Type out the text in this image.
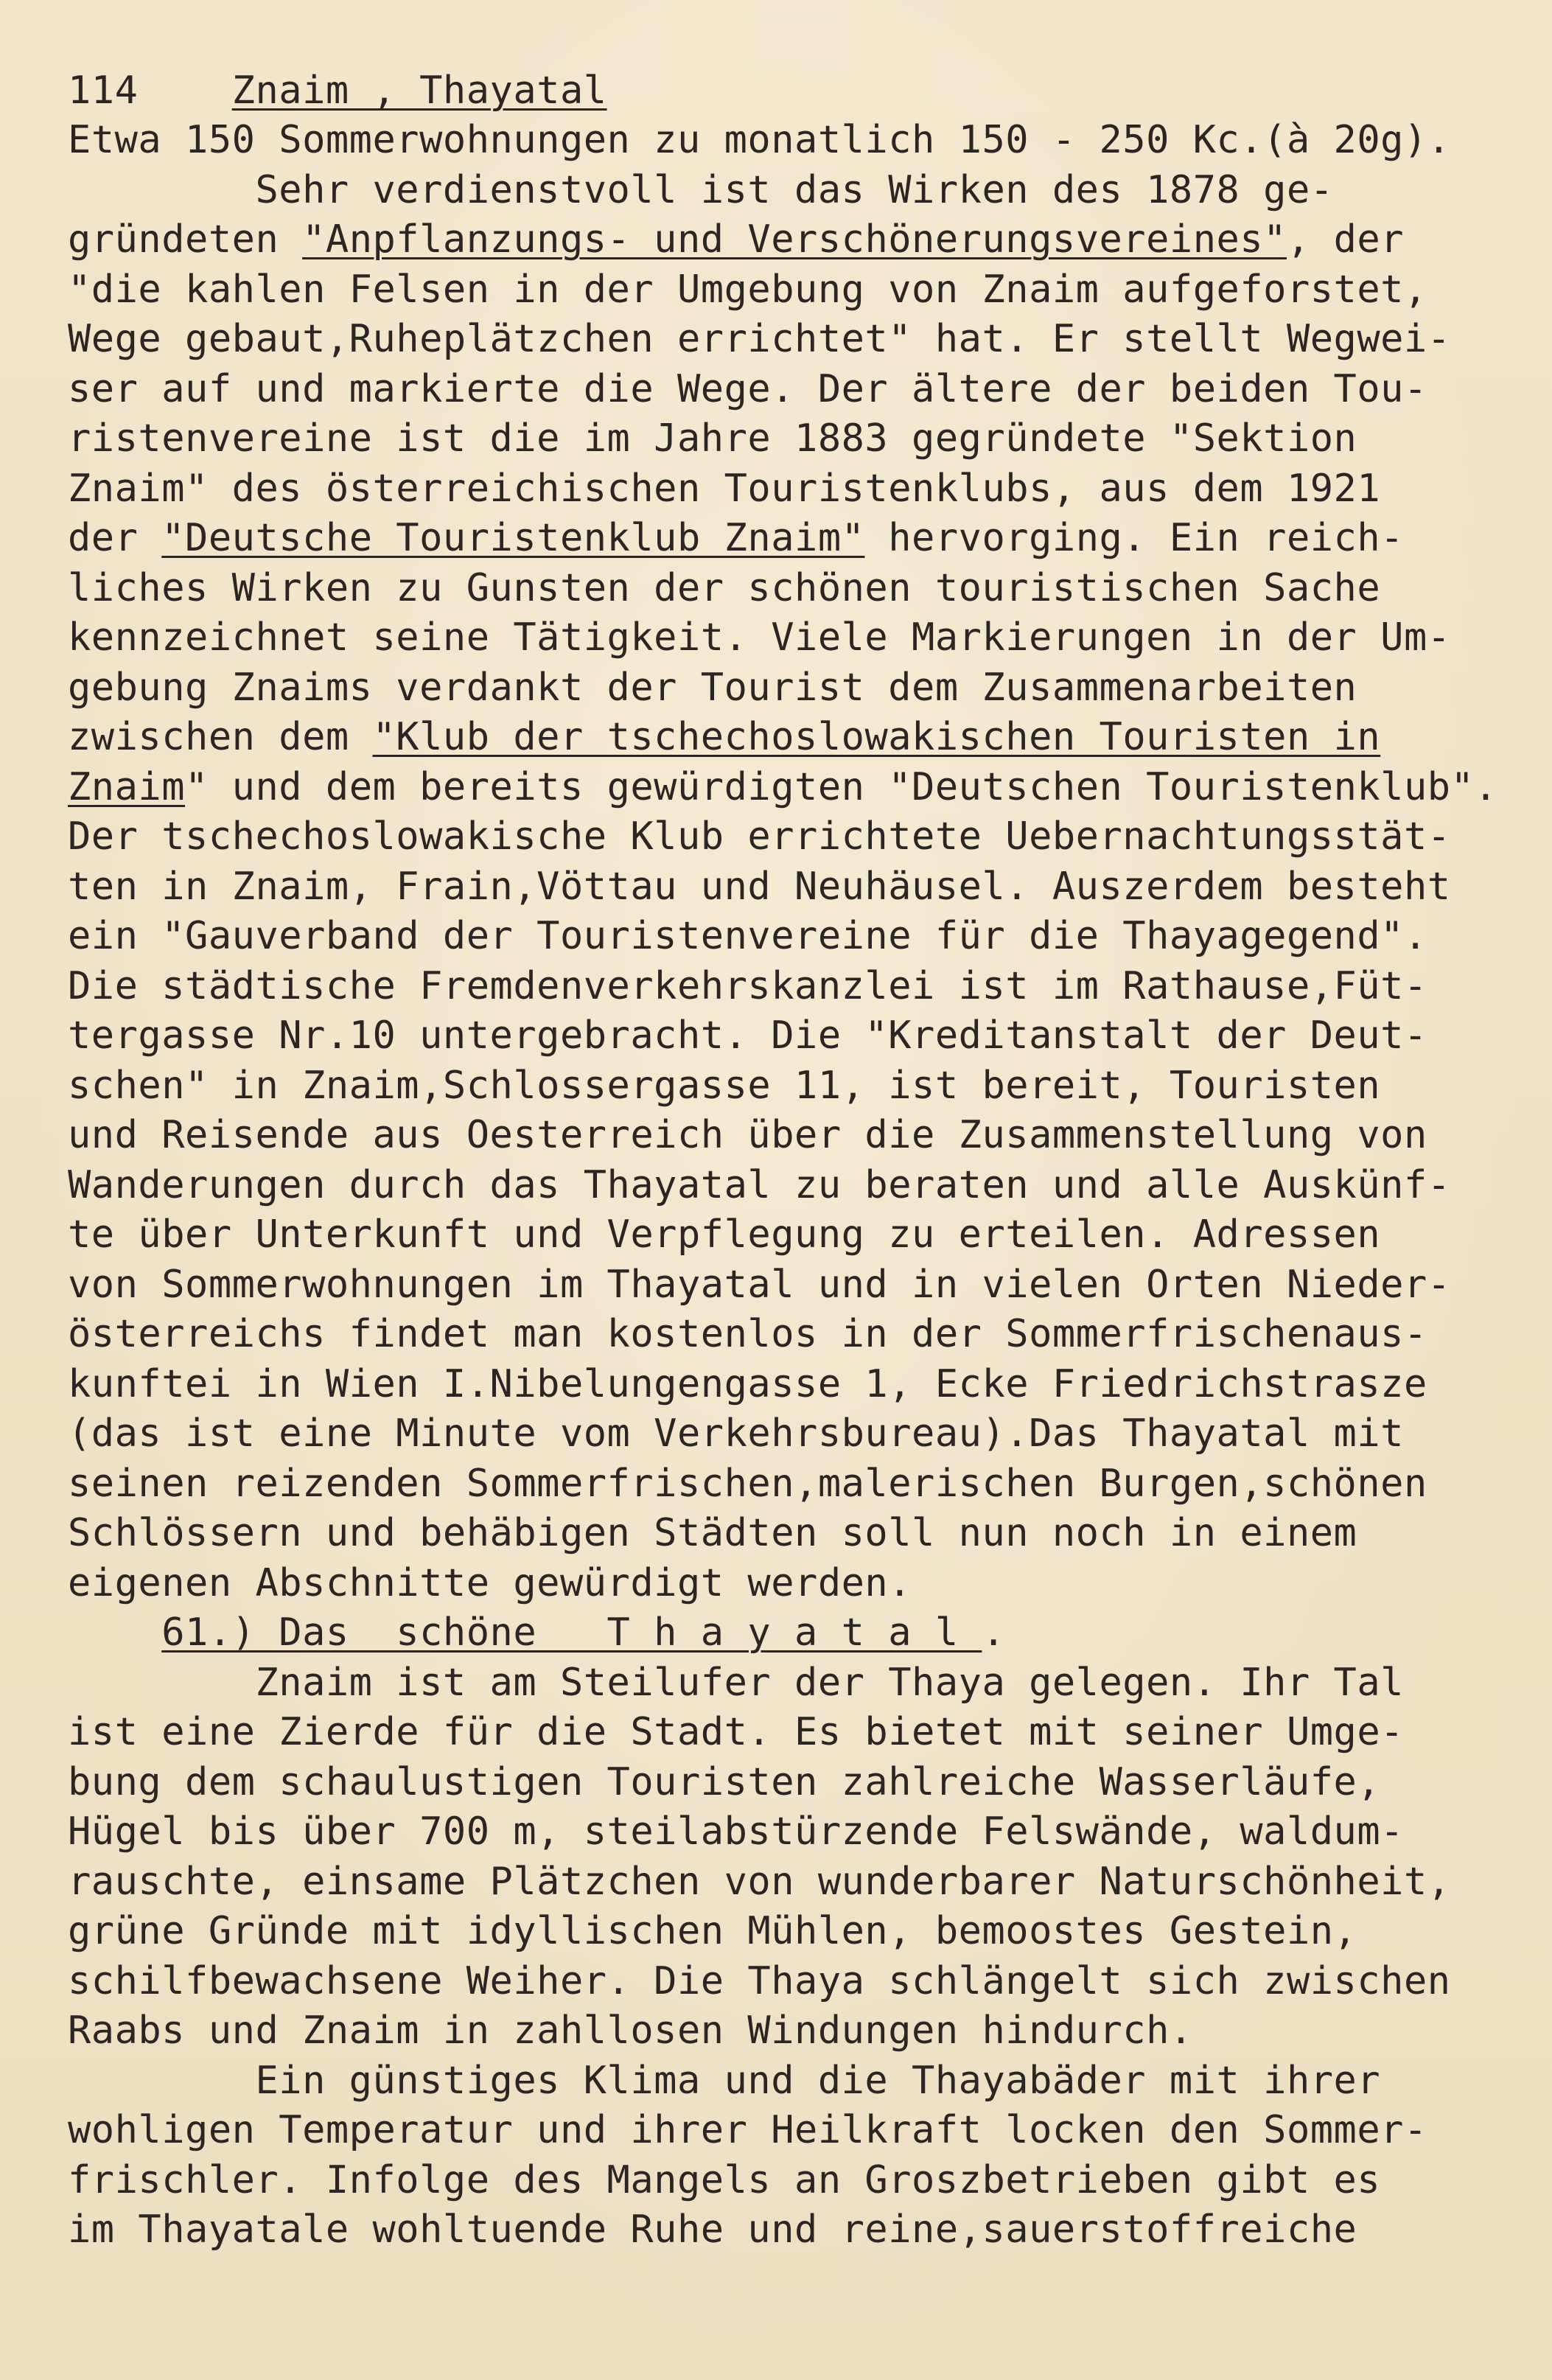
114 Znaim , Thayatal
Etwa 150 Sommerwohnungen zu monatlich 150 - 250 Kc.(à 20g).
Sehr verdienstvoll ist das Wirken des 1878 ge-
gründeten "Anpflanzungs- und Verschönerungsvereines", der
"die kahlen Felsen in der Umgebung von Znaim aufgeforstet,
Wege gebaut,Ruheplätzchen errichtet" hat. Er stellt Wegwei-
ser auf und markierte die Wege. Der ältere der beiden Tou-
ristenvereine ist die im Jahre 1883 gegründete "Sektion
Znaim" des österreichischen Touristenklubs, aus dem 1921
der "Deutsche Touristenklub Znaim" hervorging. Ein reich-
liches Wirken zu Gunsten der schönen touristischen Sache
kennzeichnet seine Tätigkeit. Viele Markierungen in der Um-
gebung Znaims verdankt der Tourist dem Zusammenarbeiten
zwischen dem "Klub der tschechoslowakischen Touristen in
Znaim" und dem bereits gewürdigten "Deutschen Touristenklub".
Der tschechoslowakische Klub errichtete Uebernachtungsstät-
ten in Znaim, Frain,Vöttau und Neuhäusel. Auszerdem besteht
ein "Gauverband der Touristenvereine für die Thayagegend".
Die städtische Fremdenverkehrskanzlei ist im Rathause,Füt-
tergasse Nr.10 untergebracht. Die "Kreditanstalt der Deut-
schen" in Znaim,Schlossergasse 11, ist bereit, Touristen
und Reisende aus Oesterreich über die Zusammenstellung von
Wanderungen durch das Thayatal zu beraten und alle Auskünf-
te über Unterkunft und Verpflegung zu erteilen. Adressen
von Sommerwohnungen im Thayatal und in vielen Orten Nieder-
österreichs findet man kostenlos in der Sommerfrischenaus-
kunftei in Wien I.Nibelungengasse 1, Ecke Friedrichstrasze
(das ist eine Minute vom Verkehrsbureau).Das Thayatal mit
seinen reizenden Sommerfrischen,malerischen Burgen,schönen
Schlössern und behäbigen Städten soll nun noch in einem
eigenen Abschnitte gewürdigt werden.
61.) Das  schöne   T h a y a t a l .
Znaim ist am Steilufer der Thaya gelegen. Ihr Tal
ist eine Zierde für die Stadt. Es bietet mit seiner Umge-
bung dem schaulustigen Touristen zahlreiche Wasserläufe,
Hügel bis über 700 m, steilabstürzende Felswände, waldum-
rauschte, einsame Plätzchen von wunderbarer Naturschönheit,
grüne Gründe mit idyllischen Mühlen, bemoostes Gestein,
schilfbewachsene Weiher. Die Thaya schlängelt sich zwischen
Raabs und Znaim in zahllosen Windungen hindurch.
Ein günstiges Klima und die Thayabäder mit ihrer
wohligen Temperatur und ihrer Heilkraft locken den Sommer-
frischler. Infolge des Mangels an Groszbetrieben gibt es
im Thayatale wohltuende Ruhe und reine,sauerstoffreiche
